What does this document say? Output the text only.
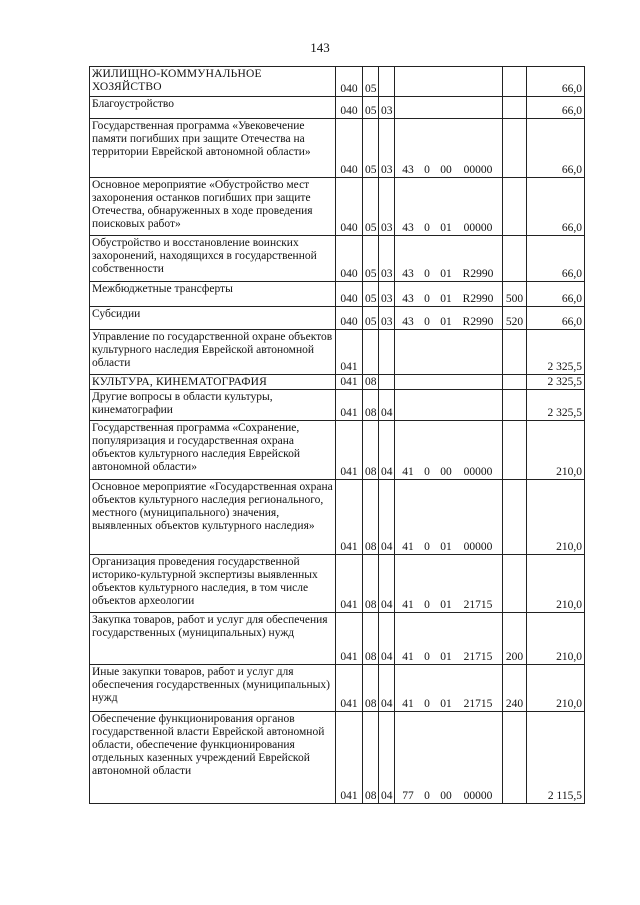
143
ЖИЛИЩНО-КОММУНАЛЬНОЕ ХОЗЯЙСТВО	040	05				66,0

Благоустройство	040	05	03			66,0

Государственная программа «Увековечение памяти погибших при защите Отечества на территории Еврейской автономной области»	040	05	03	43 0 00 00000		66,0

Основное мероприятие «Обустройство мест захоронения останков погибших при защите Отечества, обнаруженных в ходе проведения поисковых работ»	040	05	03	43 0 01 00000		66,0

Обустройство и восстановление воинских захоронений, находящихся в государственной собственности	040	05	03	43 0 01 R2990		66,0

Межбюджетные трансферты	040	05	03	43 0 01 R2990	500	66,0

Субсидии	040	05	03	43 0 01 R2990	520	66,0

Управление по государственной охране объектов культурного наследия Еврейской автономной области	041					2 325,5

КУЛЬТУРА, КИНЕМАТОГРАФИЯ	041	08				2 325,5

Другие вопросы в области культуры, кинематографии	041	08	04			2 325,5

Государственная программа «Сохранение, популяризация и государственная охрана объектов культурного наследия Еврейской автономной области»	041	08	04	41 0 00 00000		210,0

Основное мероприятие «Государственная охрана объектов культурного наследия регионального, местного (муниципального) значения, выявленных объектов культурного наследия»	041	08	04	41 0 01 00000		210,0

Организация проведения государственной историко-культурной экспертизы выявленных объектов культурного наследия, в том числе объектов археологии	041	08	04	41 0 01 21715		210,0

Закупка товаров, работ и услуг для обеспечения государственных (муниципальных) нужд	041	08	04	41 0 01 21715	200	210,0

Иные закупки товаров, работ и услуг для обеспечения государственных (муниципальных) нужд	041	08	04	41 0 01 21715	240	210,0

Обеспечение функционирования органов государственной власти Еврейской автономной области, обеспечение функционирования отдельных казенных учреждений Еврейской автономной области	041	08	04	77 0 00 00000		2 115,5
